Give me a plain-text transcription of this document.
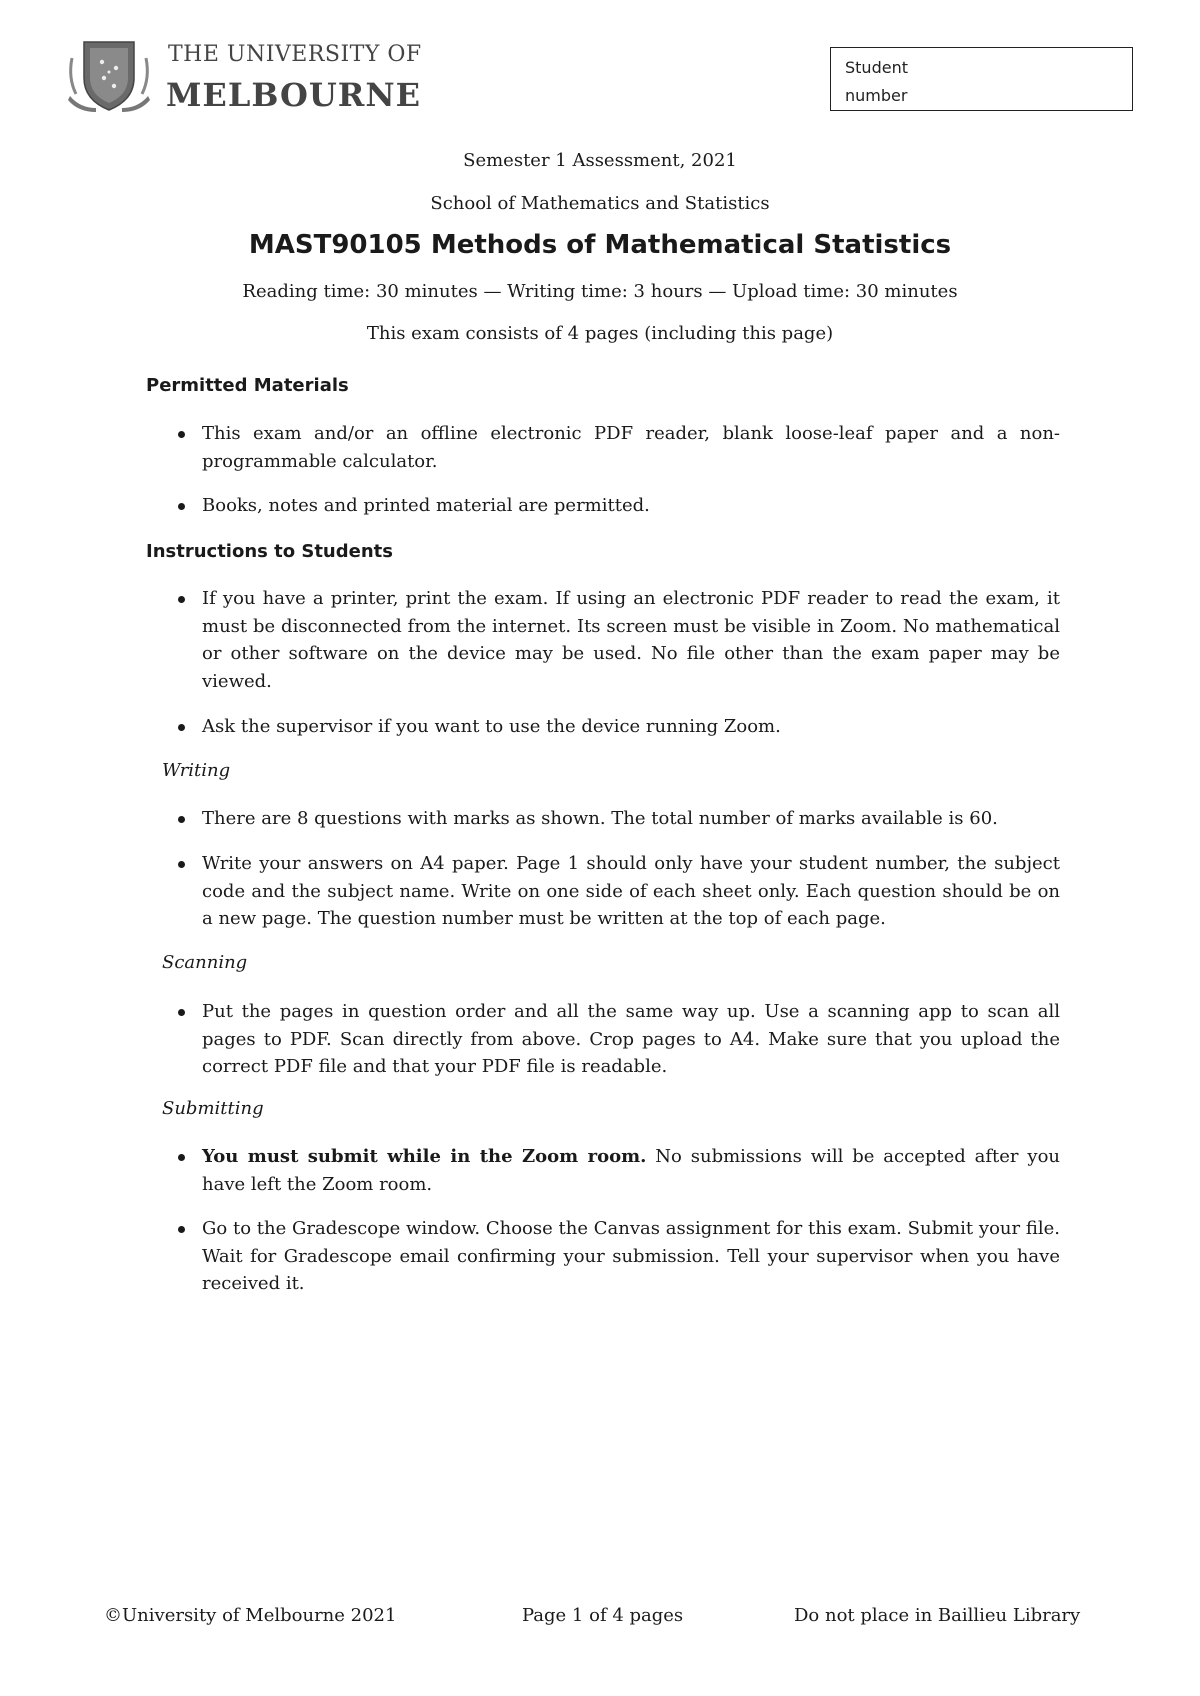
THE UNIVERSITY OF
MELBOURNE
Student
number
Semester 1 Assessment, 2021
School of Mathematics and Statistics
MAST90105 Methods of Mathematical Statistics
Reading time: 30 minutes — Writing time: 3 hours — Upload time: 30 minutes
This exam consists of 4 pages (including this page)
Permitted Materials
This exam and/or an offline electronic PDF reader, blank loose-leaf paper and a non-programmable calculator.
Books, notes and printed material are permitted.
Instructions to Students
If you have a printer, print the exam. If using an electronic PDF reader to read the exam, it must be disconnected from the internet. Its screen must be visible in Zoom. No mathematical or other software on the device may be used. No file other than the exam paper may be viewed.
Ask the supervisor if you want to use the device running Zoom.
Writing
There are 8 questions with marks as shown. The total number of marks available is 60.
Write your answers on A4 paper. Page 1 should only have your student number, the subject code and the subject name. Write on one side of each sheet only. Each question should be on a new page. The question number must be written at the top of each page.
Scanning
Put the pages in question order and all the same way up. Use a scanning app to scan all pages to PDF. Scan directly from above. Crop pages to A4. Make sure that you upload the correct PDF file and that your PDF file is readable.
Submitting
You must submit while in the Zoom room. No submissions will be accepted after you have left the Zoom room.
Go to the Gradescope window. Choose the Canvas assignment for this exam. Submit your file. Wait for Gradescope email confirming your submission. Tell your supervisor when you have received it.
©University of Melbourne 2021	Page 1 of 4 pages	Do not place in Baillieu Library
